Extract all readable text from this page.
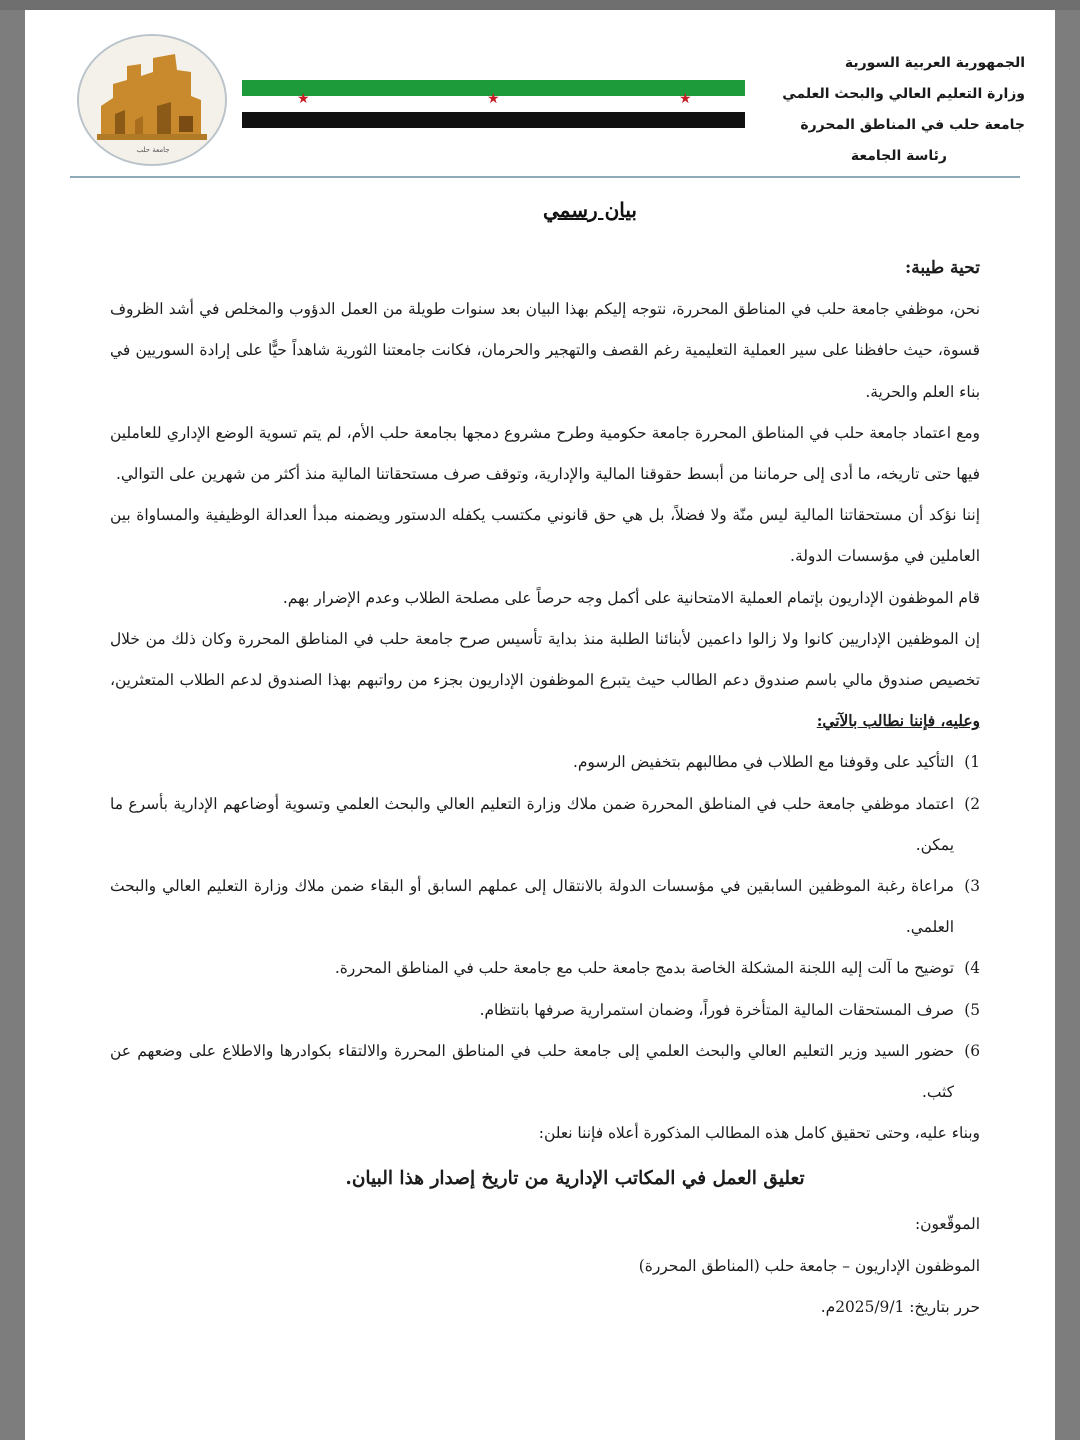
جامعة حلب
★	★	★
الجمهورية العربية السورية
وزارة التعليم العالي والبحث العلمي
جامعة حلب في المناطق المحررة
رئاسة الجامعة
بيان رسمي

تحية طيبة:

نحن، موظفي جامعة حلب في المناطق المحررة، نتوجه إليكم بهذا البيان بعد سنوات طويلة من العمل الدؤوب والمخلص في أشد الظروف قسوة، حيث حافظنا على سير العملية التعليمية رغم القصف والتهجير والحرمان، فكانت جامعتنا الثورية شاهداً حيًّا على إرادة السوريين في بناء العلم والحرية.

ومع اعتماد جامعة حلب في المناطق المحررة جامعة حكومية وطرح مشروع دمجها بجامعة حلب الأم، لم يتم تسوية الوضع الإداري للعاملين فيها حتى تاريخه، ما أدى إلى حرماننا من أبسط حقوقنا المالية والإدارية، وتوقف صرف مستحقاتنا المالية منذ أكثر من شهرين على التوالي.

إننا نؤكد أن مستحقاتنا المالية ليس منّة ولا فضلاً، بل هي حق قانوني مكتسب يكفله الدستور ويضمنه مبدأ العدالة الوظيفية والمساواة بين العاملين في مؤسسات الدولة.

قام الموظفون الإداريون بإتمام العملية الامتحانية على أكمل وجه حرصاً على مصلحة الطلاب وعدم الإضرار بهم.

إن الموظفين الإداريين كانوا ولا زالوا داعمين لأبنائنا الطلبة منذ بداية تأسيس صرح جامعة حلب في المناطق المحررة وكان ذلك من خلال تخصيص صندوق مالي باسم صندوق دعم الطالب حيث يتبرع الموظفون الإداريون بجزء من رواتبهم بهذا الصندوق لدعم الطلاب المتعثرين، وعليه، فإننا نطالب بالآتي:

1)
التأكيد على وقوفنا مع الطلاب في مطالبهم بتخفيض الرسوم.
2)
اعتماد موظفي جامعة حلب في المناطق المحررة ضمن ملاك وزارة التعليم العالي والبحث العلمي وتسوية أوضاعهم الإدارية بأسرع ما يمكن.
3)
مراعاة رغبة الموظفين السابقين في مؤسسات الدولة بالانتقال إلى عملهم السابق أو البقاء ضمن ملاك وزارة التعليم العالي والبحث العلمي.
4)
توضيح ما آلت إليه اللجنة المشكلة الخاصة بدمج جامعة حلب مع جامعة حلب في المناطق المحررة.
5)
صرف المستحقات المالية المتأخرة فوراً، وضمان استمرارية صرفها بانتظام.
6)
حضور السيد وزير التعليم العالي والبحث العلمي إلى جامعة حلب في المناطق المحررة والالتقاء بكوادرها والاطلاع على وضعهم عن كثب.

وبناء عليه، وحتى تحقيق كامل هذه المطالب المذكورة أعلاه فإننا نعلن:

تعليق العمل في المكاتب الإدارية من تاريخ إصدار هذا البيان.

الموقّعون:

الموظفون الإداريون – جامعة حلب (المناطق المحررة)

حرر بتاريخ: 2025/9/1م.
